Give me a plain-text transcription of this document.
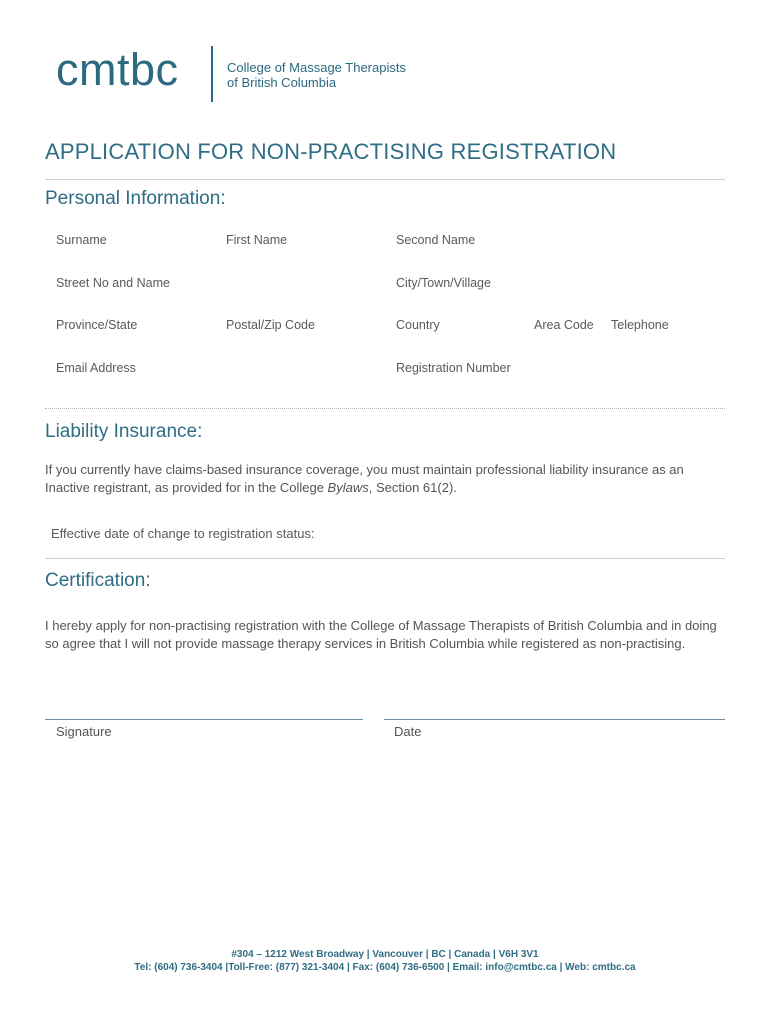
cmtbc	College of Massage Therapists
of British Columbia
APPLICATION FOR NON-PRACTISING REGISTRATION
Personal Information:
Surname	First Name	Second Name
Street No and Name	City/Town/Village
Province/State	Postal/Zip Code	Country	Area Code Telephone
Email Address	Registration Number
Liability Insurance:
If you currently have claims-based insurance coverage, you must maintain professional liability insurance as an Inactive registrant, as provided for in the College Bylaws, Section 61(2).
Effective date of change to registration status:
Certification:
I hereby apply for non-practising registration with the College of Massage Therapists of British Columbia and in doing so agree that I will not provide massage therapy services in British Columbia while registered as non-practising.
Signature	Date
#304 – 1212 West Broadway | Vancouver | BC | Canada | V6H 3V1
Tel: (604) 736-3404 |Toll-Free: (877) 321-3404 | Fax: (604) 736-6500 | Email: info@cmtbc.ca | Web: cmtbc.ca
